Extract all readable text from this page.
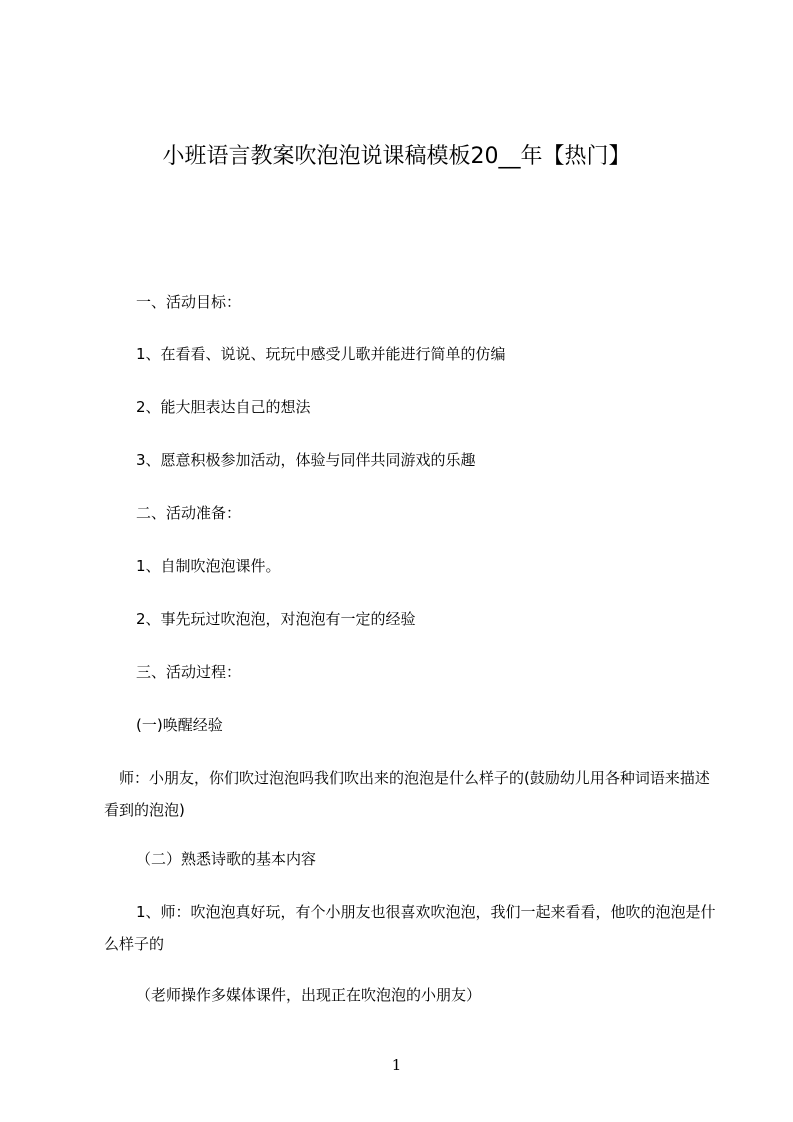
小班语言教案吹泡泡说课稿模板20__年【热门】
一、活动目标：
1、在看看、说说、玩玩中感受儿歌并能进行简单的仿编
2、能大胆表达自己的想法
3、愿意积极参加活动，体验与同伴共同游戏的乐趣
二、活动准备：
1、自制吹泡泡课件。
2、事先玩过吹泡泡，对泡泡有一定的经验
三、活动过程：
(一)唤醒经验
　师：小朋友，你们吹过泡泡吗我们吹出来的泡泡是什么样子的(鼓励幼儿用各种词语来描述看到的泡泡)
（二）熟悉诗歌的基本内容
1、师：吹泡泡真好玩，有个小朋友也很喜欢吹泡泡，我们一起来看看，他吹的泡泡是什么样子的
（老师操作多媒体课件，出现正在吹泡泡的小朋友）
1
